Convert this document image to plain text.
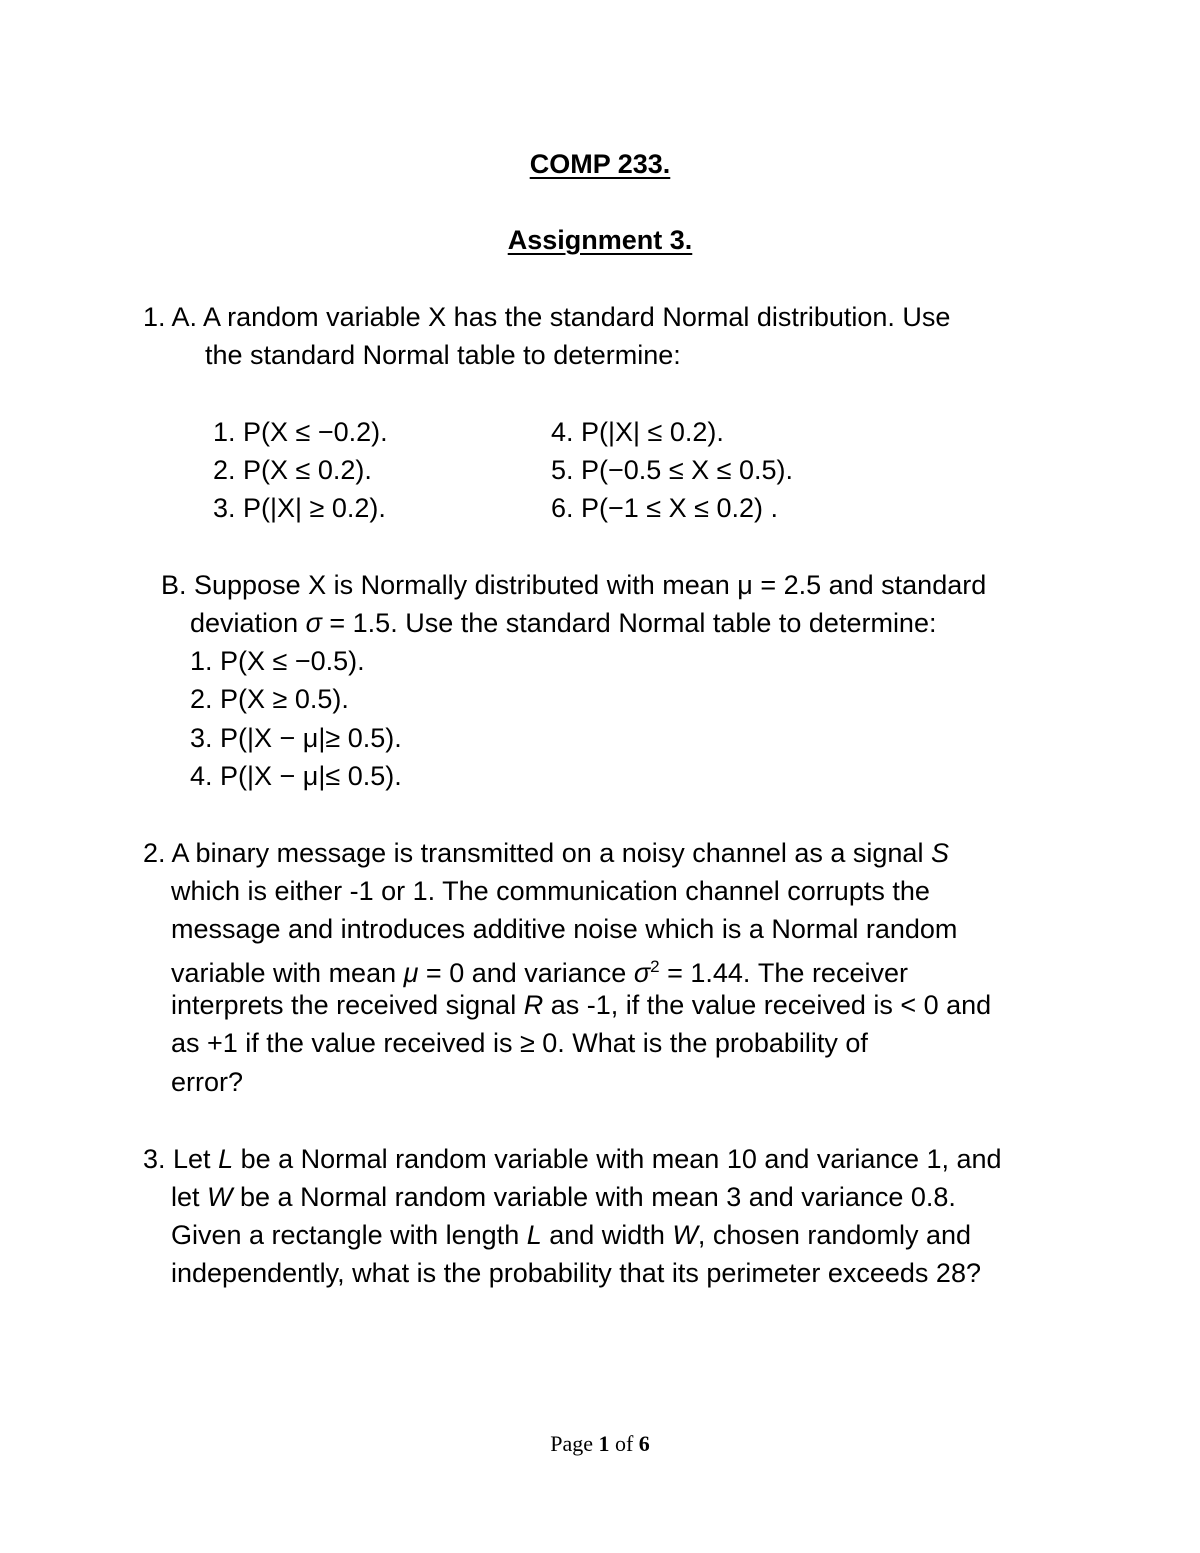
COMP 233.
Assignment 3.
1. A. A random variable X has the standard Normal distribution. Use
the standard Normal table to determine:
1. P(X ≤ −0.2).
2. P(X ≤ 0.2).
3. P(|X| ≥ 0.2).
4. P(|X| ≤ 0.2).
5. P(−0.5 ≤ X ≤ 0.5).
6. P(−1 ≤ X ≤ 0.2) .
B. Suppose X is Normally distributed with mean μ = 2.5 and standard
deviation σ = 1.5. Use the standard Normal table to determine:
1. P(X ≤ −0.5).
2. P(X ≥ 0.5).
3. P(|X − μ|≥ 0.5).
4. P(|X − μ|≤ 0.5).
2. A binary message is transmitted on a noisy channel as a signal S
which is either -1 or 1. The communication channel corrupts the
message and introduces additive noise which is a Normal random
variable with mean μ = 0 and variance $\sigma^2 = 1.44$. The receiver
interprets the received signal R as -1, if the value received is < 0 and
as +1 if the value received is ≥ 0. What is the probability of
error?
3. Let L be a Normal random variable with mean 10 and variance 1, and
let W be a Normal random variable with mean 3 and variance 0.8.
Given a rectangle with length L and width W, chosen randomly and
independently, what is the probability that its perimeter exceeds 28?
Page 1 of 6
